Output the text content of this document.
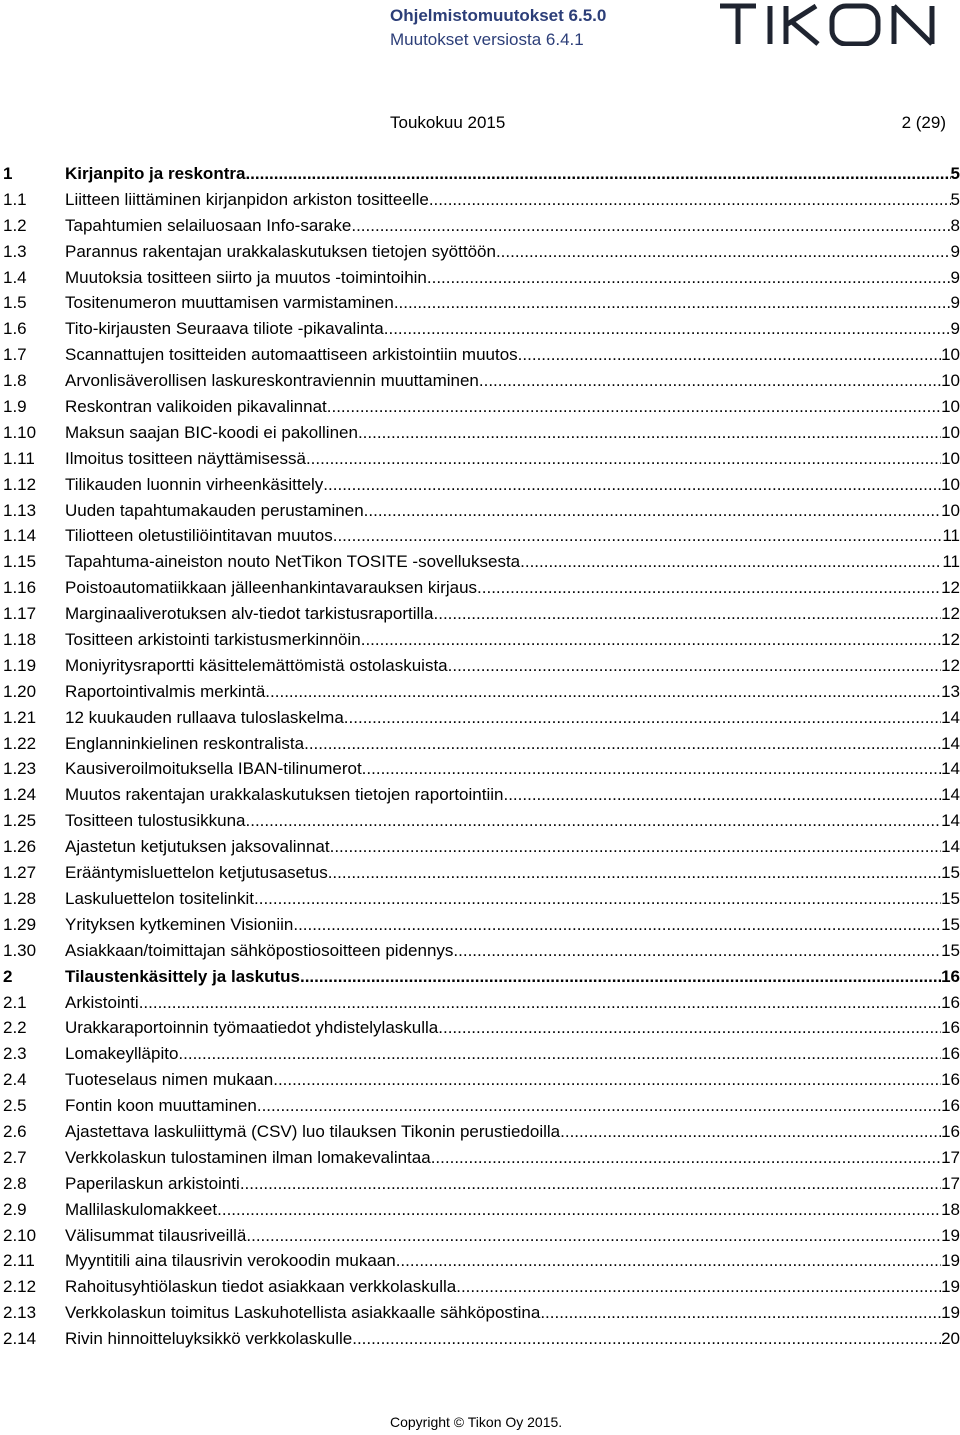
Ohjelmistomuutokset 6.5.0
Muutokset versiosta 6.4.1
Toukokuu 2015	2 (29)
1	Kirjanpito ja reskontra .....	5
1.1	Liitteen liittäminen kirjanpidon arkiston tositteelle .....	5
1.2	Tapahtumien selailuosaan Info-sarake. .....	8
1.3	Parannus rakentajan urakkalaskutuksen tietojen syöttöön .....	9
1.4	Muutoksia tositteen siirto ja muutos -toimintoihin .....	9
1.5	Tositenumeron muuttamisen varmistaminen .....	9
1.6	Tito-kirjausten Seuraava tiliote -pikavalinta .....	9
1.7	Scannattujen tositteiden automaattiseen arkistointiin muutos .....	10
1.8	Arvonlisäverollisen laskureskontraviennin muuttaminen .....	10
1.9	Reskontran valikoiden pikavalinnat .....	10
1.10	Maksun saajan BIC-koodi ei pakollinen .....	10
1.11	Ilmoitus tositteen näyttämisessä .....	10
1.12	Tilikauden luonnin virheenkäsittely .....	10
1.13	Uuden tapahtumakauden perustaminen .....	10
1.14	Tiliotteen oletustiliöintitavan muutos .....	11
1.15	Tapahtuma-aineiston nouto NetTikon TOSITE -sovelluksesta .....	11
1.16	Poistoautomatiikkaan jälleenhankintavarauksen kirjaus .....	12
1.17	Marginaaliverotuksen alv-tiedot tarkistusraportilla .....	12
1.18	Tositteen arkistointi tarkistusmerkinnöin .....	12
1.19	Moniyritysraportti käsittelemättömistä ostolaskuista .....	12
1.20	Raportointivalmis merkintä .....	13
1.21	12 kuukauden rullaava tuloslaskelma .....	14
1.22	Englanninkielinen reskontralista .....	14
1.23	Kausiveroilmoituksella IBAN-tilinumerot .....	14
1.24	Muutos rakentajan urakkalaskutuksen tietojen raportointiin .....	14
1.25	Tositteen tulostusikkuna .....	14
1.26	Ajastetun ketjutuksen jaksovalinnat .....	14
1.27	Erääntymisluettelon ketjutusasetus .....	15
1.28	Laskuluettelon tositelinkit .....	15
1.29	Yrityksen kytkeminen Visioniin .....	15
1.30	Asiakkaan/toimittajan sähköpostiosoitteen pidennys .....	15
2	Tilaustenkäsittely ja laskutus .....	16
2.1	Arkistointi .....	16
2.2	Urakkaraportoinnin työmaatiedot yhdistelylaskulla .....	16
2.3	Lomakeylläpito .....	16
2.4	Tuoteselaus nimen mukaan .....	16
2.5	Fontin koon muuttaminen .....	16
2.6	Ajastettava laskuliittymä (CSV) luo tilauksen Tikonin perustiedoilla .....	16
2.7	Verkkolaskun tulostaminen ilman lomakevalintaa .....	17
2.8	Paperilaskun arkistointi .....	17
2.9	Mallilaskulomakkeet .....	18
2.10	Välisummat tilausriveillä .....	19
2.11	Myyntitili aina tilausrivin verokoodin mukaan .....	19
2.12	Rahoitusyhtiölaskun tiedot asiakkaan verkkolaskulla .....	19
2.13	Verkkolaskun toimitus Laskuhotellista asiakkaalle sähköpostina .....	19
2.14	Rivin hinnoitteluyksikkö verkkolaskulle .....	20
Copyright © Tikon Oy 2015.
